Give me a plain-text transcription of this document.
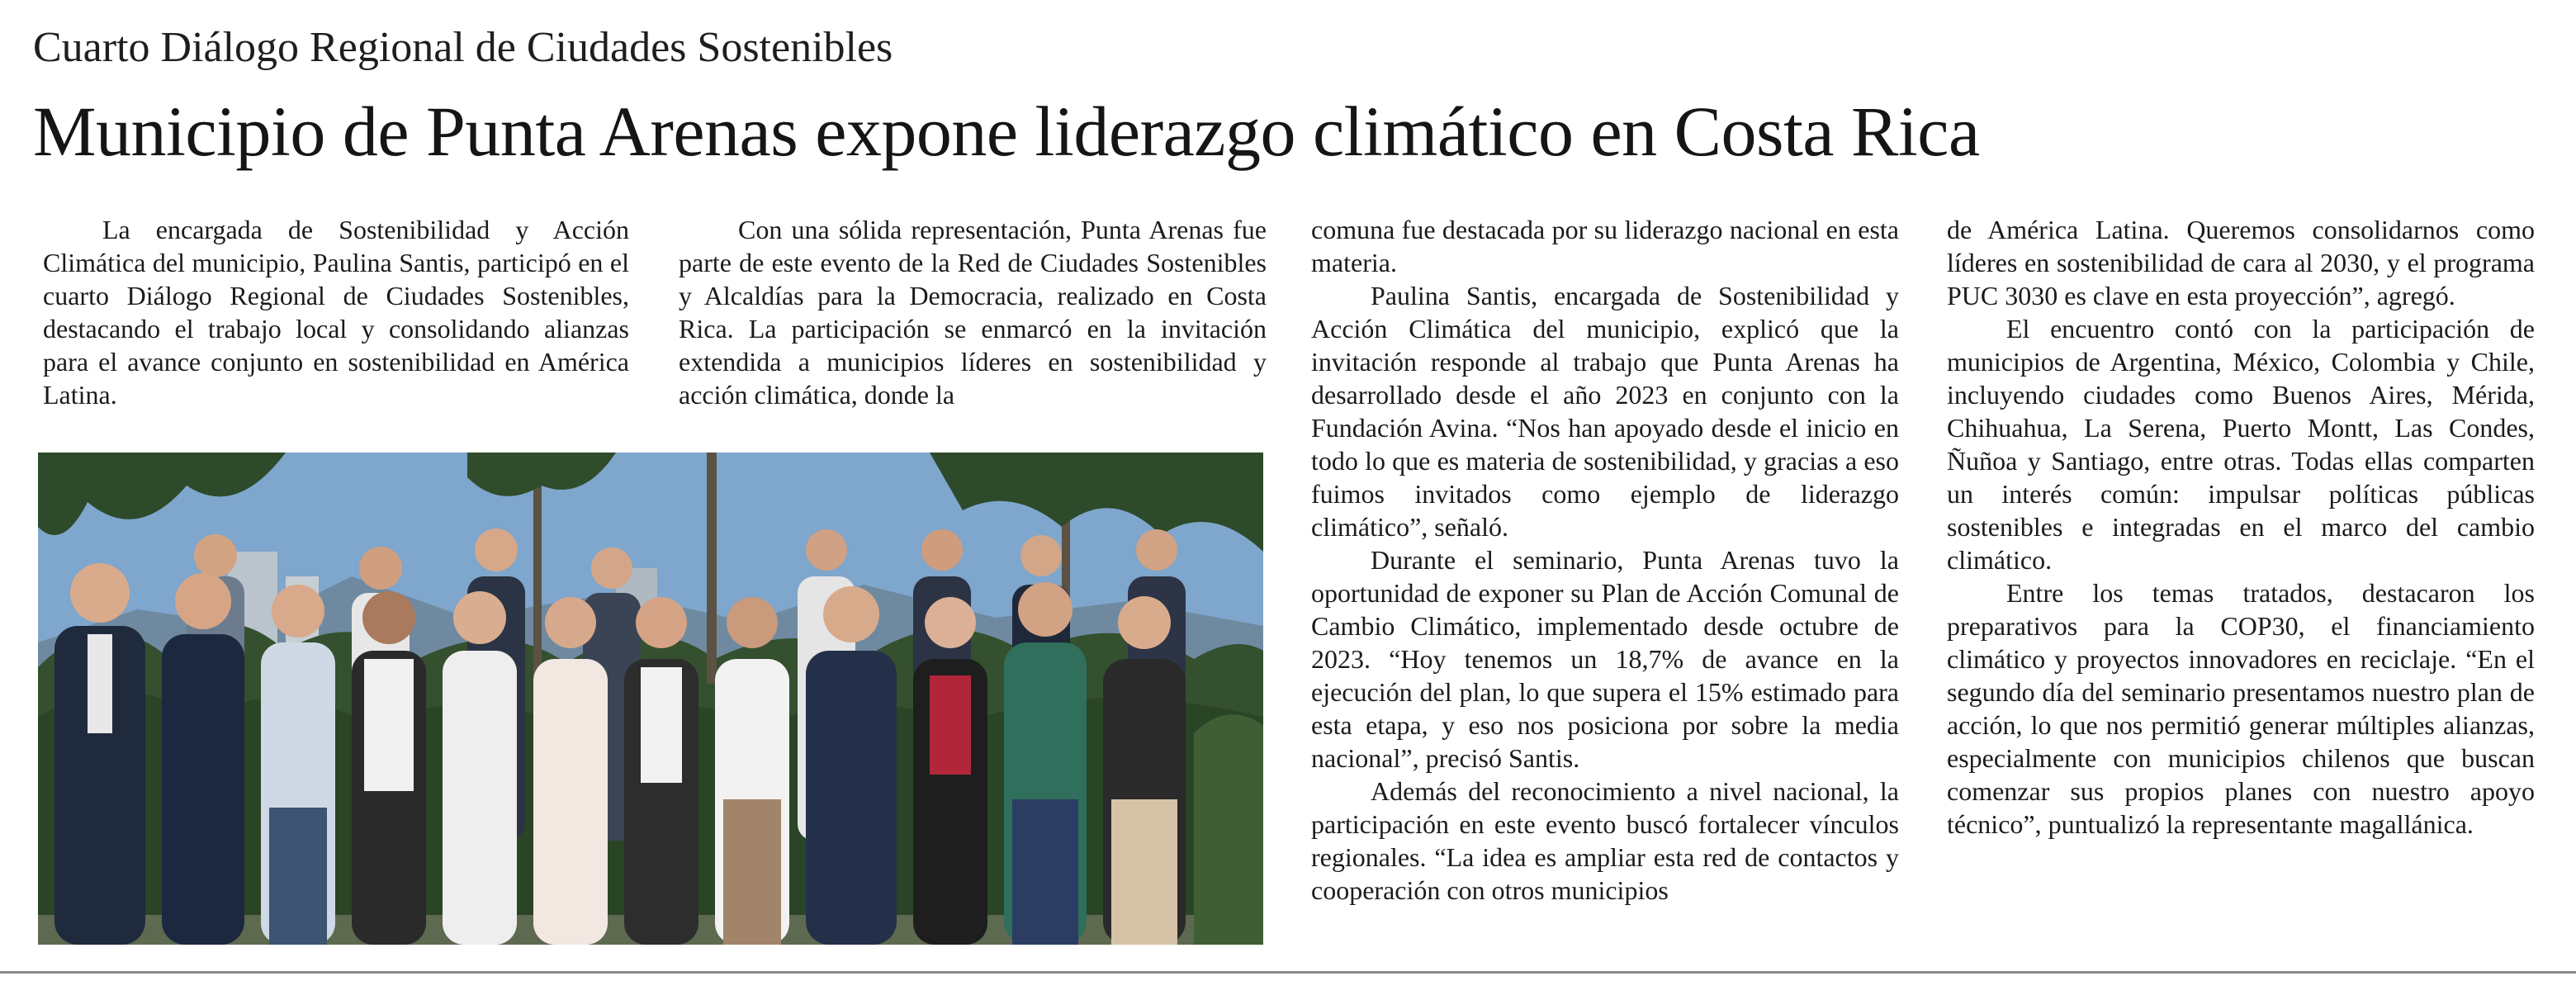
Cuarto Diálogo Regional de Ciudades Sostenibles
Municipio de Punta Arenas expone liderazgo climático en Costa Rica

La encargada de Sostenibilidad y Acción Climática del municipio, Paulina Santis, participó en el cuarto Diálogo Regional de Ciudades Sostenibles, destacando el trabajo local y consolidando alianzas para el avance conjunto en sostenibilidad en América Latina.

Con una sólida representación, Punta Arenas fue parte de este evento de la Red de Ciudades Sostenibles y Alcaldías para la Democracia, realizado en Costa Rica. La participación se enmarcó en la invitación extendida a municipios líderes en sostenibilidad y acción climática, donde la

comuna fue destacada por su liderazgo nacional en esta materia.

Paulina Santis, encargada de Sostenibilidad y Acción Climática del municipio, explicó que la invitación responde al trabajo que Punta Arenas ha desarrollado desde el año 2023 en conjunto con la Fundación Avina. “Nos han apoyado desde el inicio en todo lo que es materia de sostenibilidad, y gracias a eso fuimos invitados como ejemplo de liderazgo climático”, señaló.

Durante el seminario, Punta Arenas tuvo la oportunidad de exponer su Plan de Acción Comunal de Cambio Climático, implementado desde octubre de 2023. “Hoy tenemos un 18,7% de avance en la ejecución del plan, lo que supera el 15% estimado para esta etapa, y eso nos posiciona por sobre la media nacional”, precisó Santis.

Además del reconocimiento a nivel nacional, la participación en este evento buscó fortalecer vínculos regionales. “La idea es ampliar esta red de contactos y cooperación con otros municipios

de América Latina. Queremos consolidarnos como líderes en sostenibilidad de cara al 2030, y el programa PUC 3030 es clave en esta proyección”, agregó.

El encuentro contó con la participación de municipios de Argentina, México, Colombia y Chile, incluyendo ciudades como Buenos Aires, Mérida, Chihuahua, La Serena, Puerto Montt, Las Condes, Ñuñoa y Santiago, entre otras. Todas ellas comparten un interés común: impulsar políticas públicas sostenibles e integradas en el marco del cambio climático.

Entre los temas tratados, destacaron los preparativos para la COP30, el financiamiento climático y proyectos innovadores en reciclaje. “En el segundo día del seminario presentamos nuestro plan de acción, lo que nos permitió generar múltiples alianzas, especialmente con municipios chilenos que buscan comenzar sus propios planes con nuestro apoyo técnico”, puntualizó la representante magallánica.
